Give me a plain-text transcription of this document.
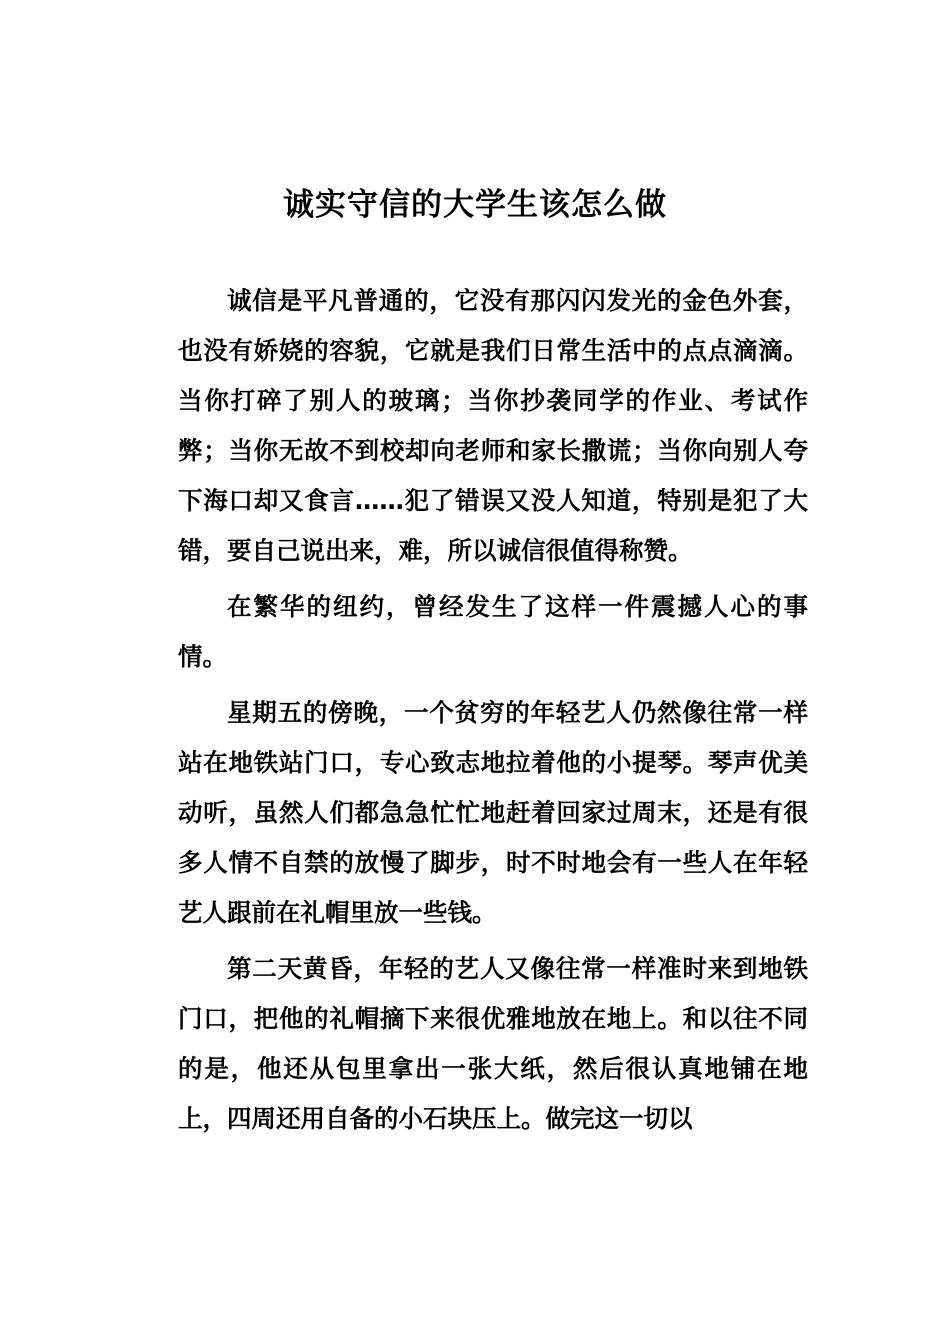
诚实守信的大学生该怎么做

诚信是平凡普通的，它没有那闪闪发光的金色外套，也没有娇娆的容貌，它就是我们日常生活中的点点滴滴。当你打碎了别人的玻璃；当你抄袭同学的作业、考试作弊；当你无故不到校却向老师和家长撒谎；当你向别人夸下海口却又食言……犯了错误又没人知道，特别是犯了大错，要自己说出来，难，所以诚信很值得称赞。

在繁华的纽约，曾经发生了这样一件震撼人心的事情。

星期五的傍晚，一个贫穷的年轻艺人仍然像往常一样站在地铁站门口，专心致志地拉着他的小提琴。琴声优美动听，虽然人们都急急忙忙地赶着回家过周末，还是有很多人情不自禁的放慢了脚步，时不时地会有一些人在年轻艺人跟前在礼帽里放一些钱。

第二天黄昏，年轻的艺人又像往常一样准时来到地铁门口，把他的礼帽摘下来很优雅地放在地上。和以往不同的是，他还从包里拿出一张大纸，然后很认真地铺在地上，四周还用自备的小石块压上。做完这一切以
